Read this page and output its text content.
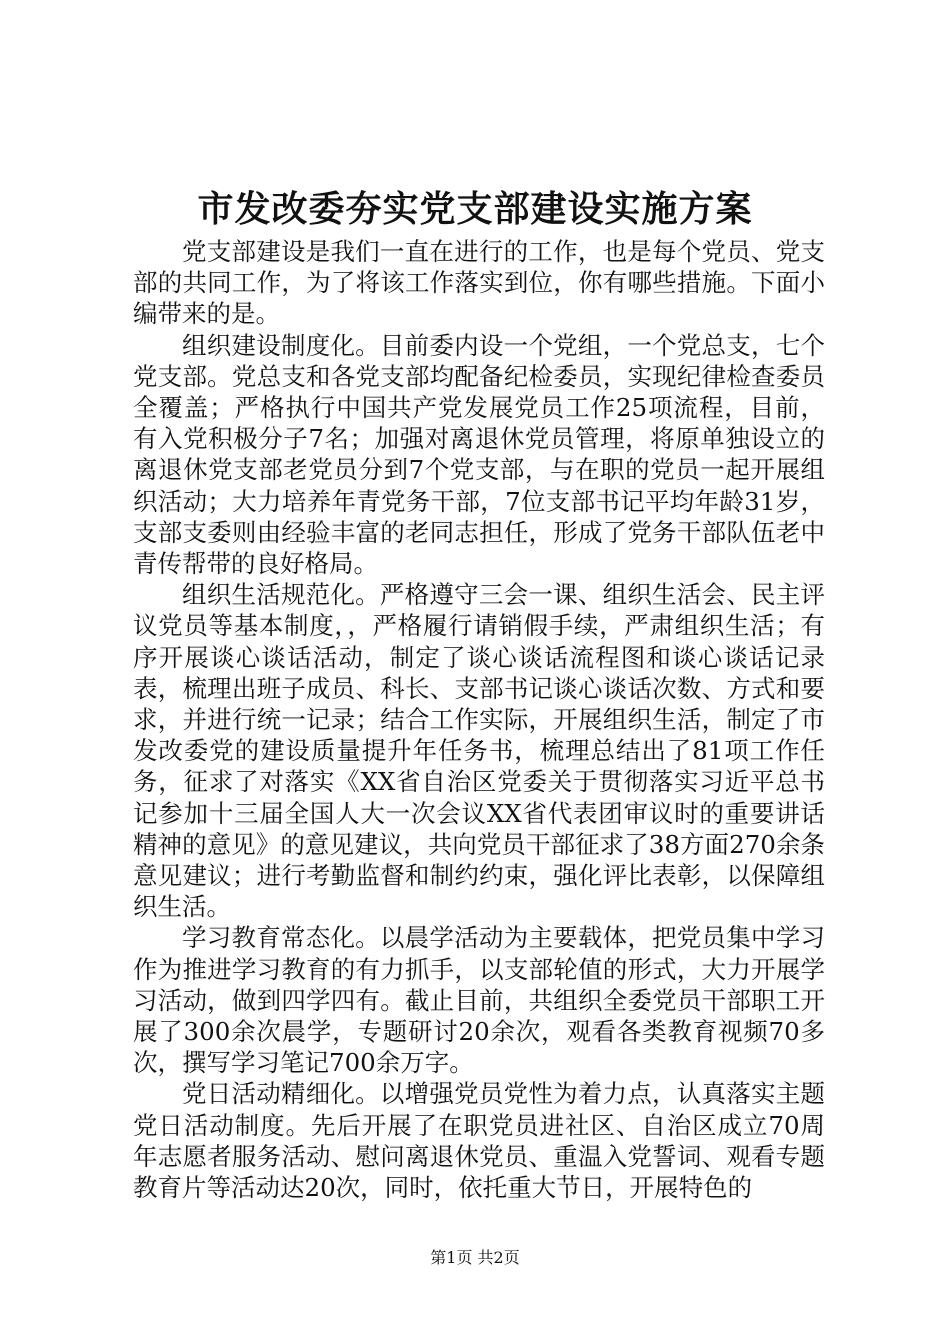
市发改委夯实党支部建设实施方案

党支部建设是我们一直在进行的工作，也是每个党员、党支部的共同工作，为了将该工作落实到位，你有哪些措施。下面小编带来的是。

组织建设制度化。目前委内设一个党组，一个党总支，七个党支部。党总支和各党支部均配备纪检委员，实现纪律检查委员全覆盖；严格执行中国共产党发展党员工作25项流程，目前，有入党积极分子7名；加强对离退休党员管理，将原单独设立的离退休党支部老党员分到7个党支部，与在职的党员一起开展组织活动；大力培养年青党务干部，7位支部书记平均年龄31岁，支部支委则由经验丰富的老同志担任，形成了党务干部队伍老中青传帮带的良好格局。

组织生活规范化。严格遵守三会一课、组织生活会、民主评议党员等基本制度，，严格履行请销假手续，严肃组织生活；有序开展谈心谈话活动，制定了谈心谈话流程图和谈心谈话记录表，梳理出班子成员、科长、支部书记谈心谈话次数、方式和要求，并进行统一记录；结合工作实际，开展组织生活，制定了市发改委党的建设质量提升年任务书，梳理总结出了81项工作任务，征求了对落实《XX省自治区党委关于贯彻落实习近平总书记参加十三届全国人大一次会议XX省代表团审议时的重要讲话精神的意见》的意见建议，共向党员干部征求了38方面270余条意见建议；进行考勤监督和制约约束，强化评比表彰，以保障组织生活。

学习教育常态化。以晨学活动为主要载体，把党员集中学习作为推进学习教育的有力抓手，以支部轮值的形式，大力开展学习活动，做到四学四有。截止目前，共组织全委党员干部职工开展了300余次晨学，专题研讨20余次，观看各类教育视频70多次，撰写学习笔记700余万字。

党日活动精细化。以增强党员党性为着力点，认真落实主题党日活动制度。先后开展了在职党员进社区、自治区成立70周年志愿者服务活动、慰问离退休党员、重温入党誓词、观看专题教育片等活动达20次，同时，依托重大节日，开展特色的

第1页 共2页
